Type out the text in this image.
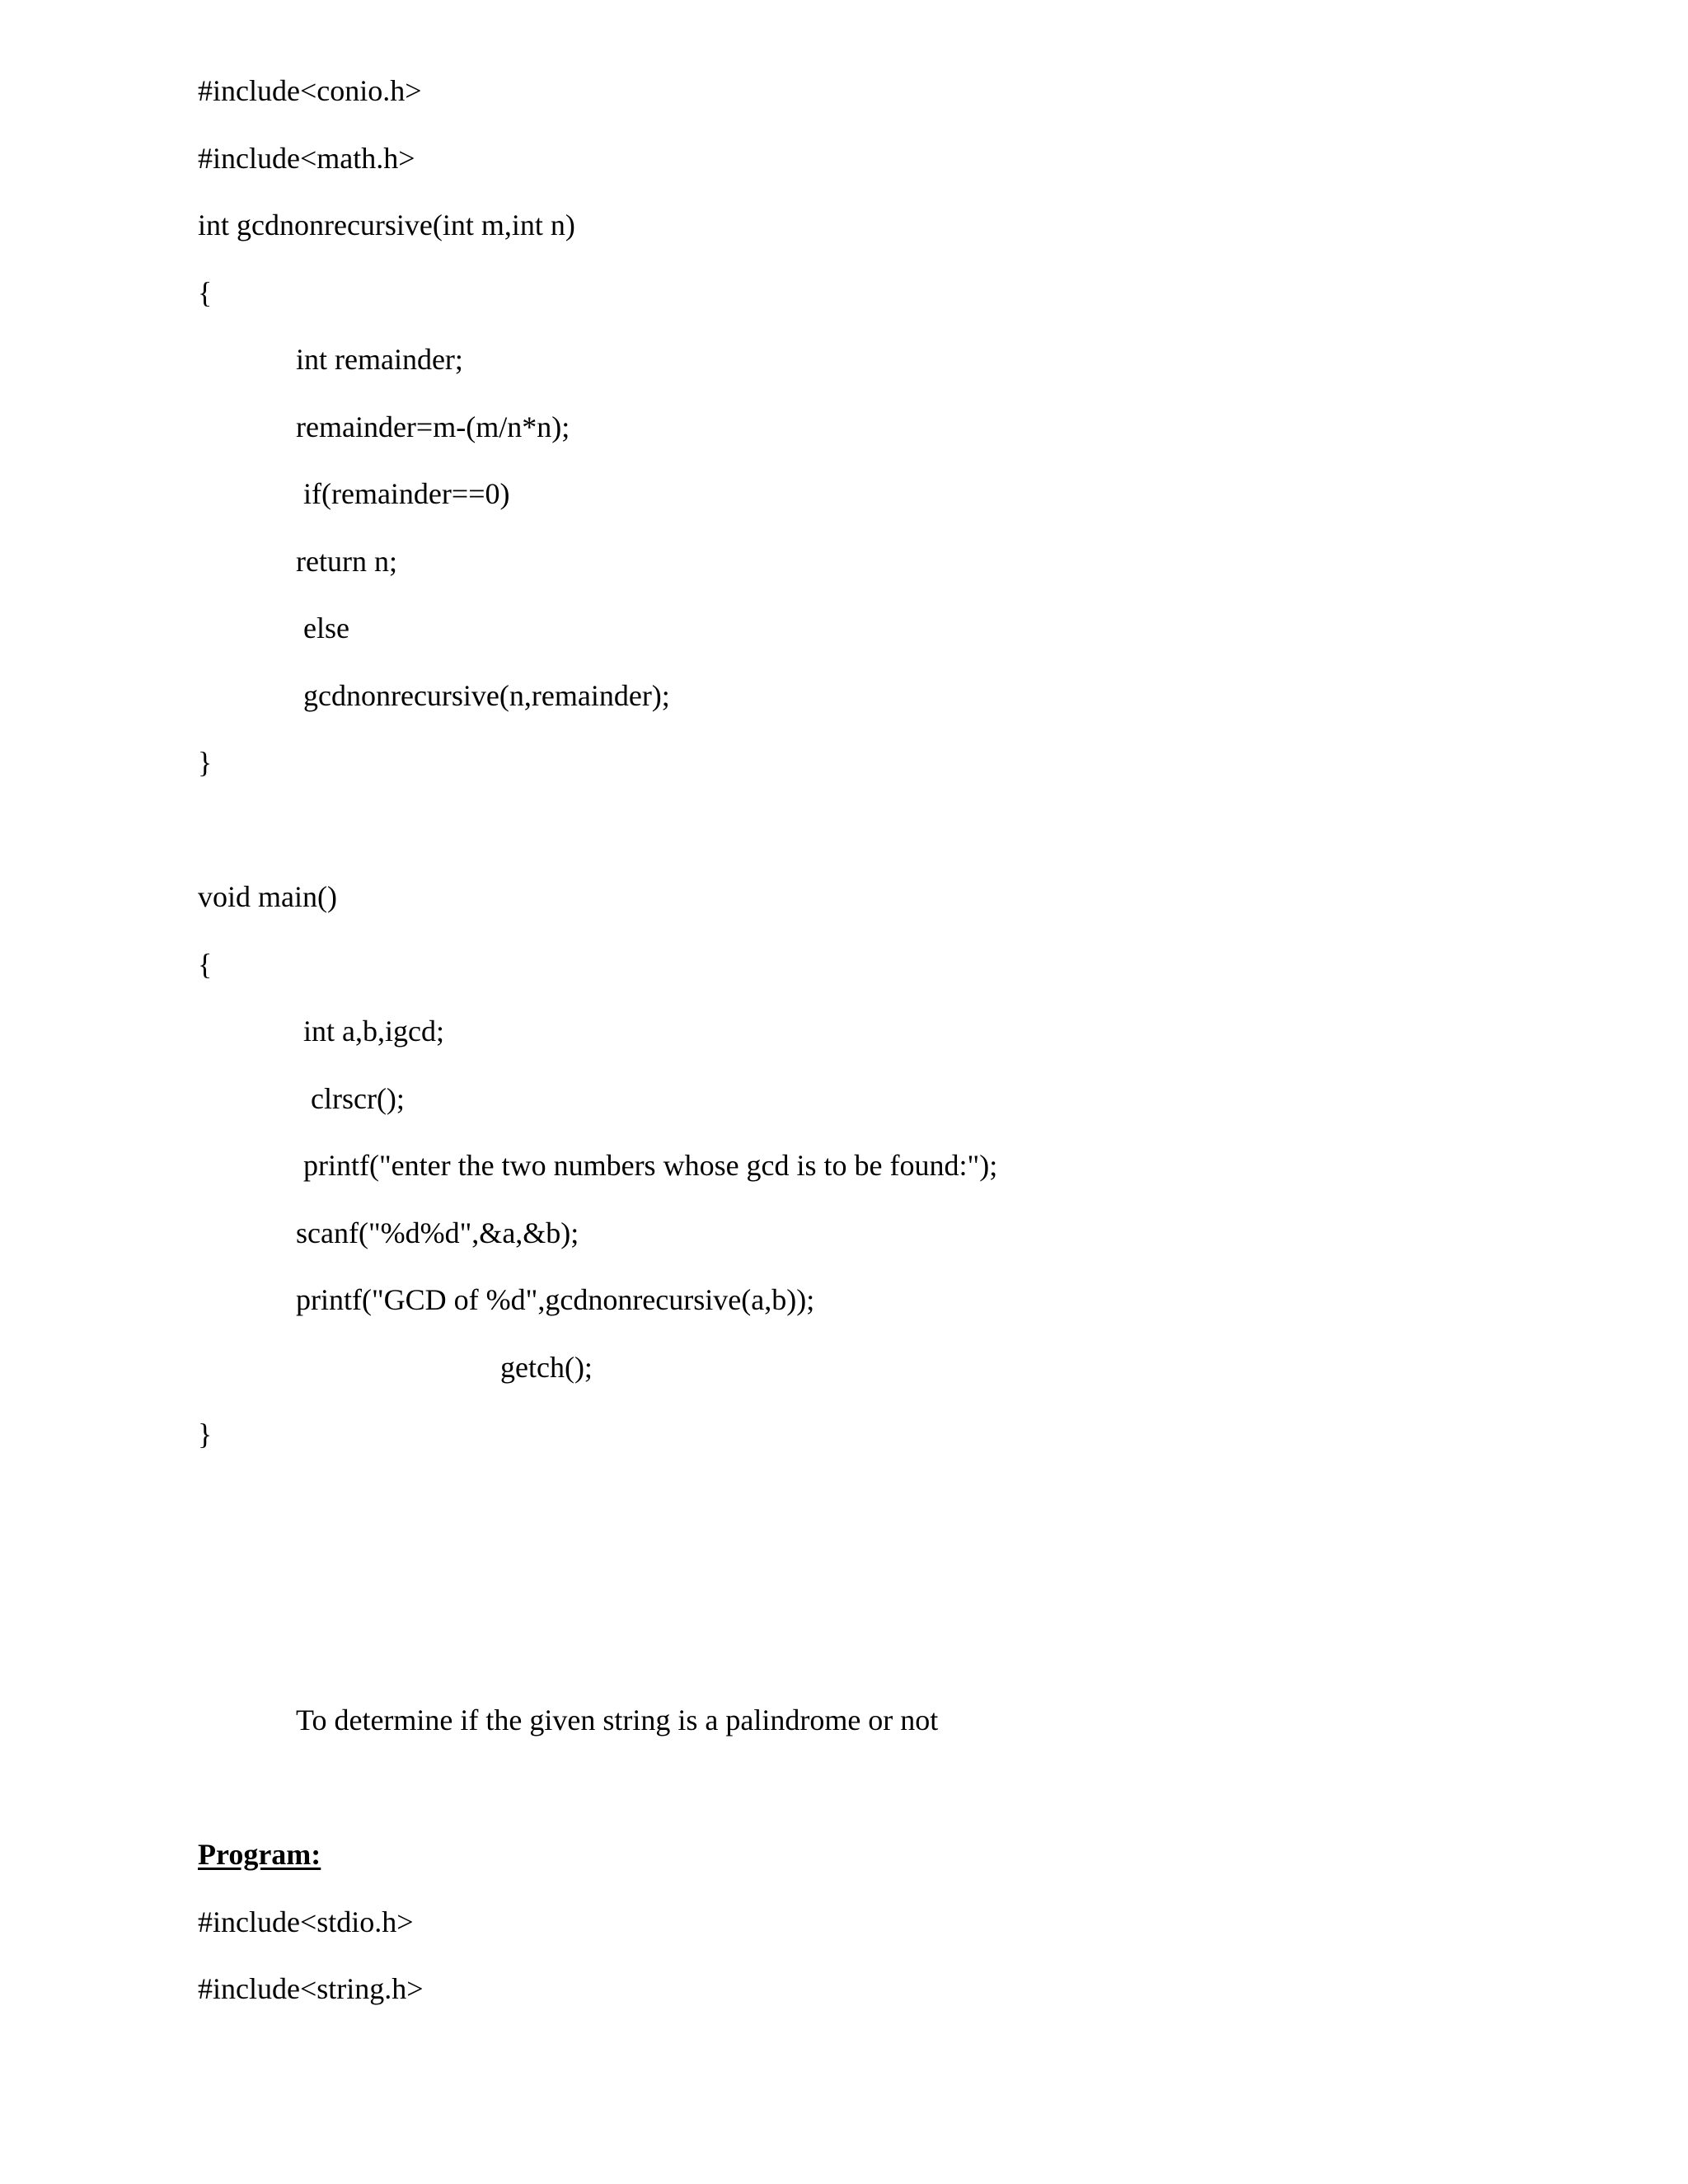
#include<conio.h>
#include<math.h>
int gcdnonrecursive(int m,int n)
{
int remainder;
remainder=m-(m/n*n);
if(remainder==0)
return n;
else
gcdnonrecursive(n,remainder);
}
void main()
{
int a,b,igcd;
clrscr();
printf("enter the two numbers whose gcd is to be found:");
scanf("%d%d",&a,&b);
printf("GCD of %d",gcdnonrecursive(a,b));
getch();
}
To determine if the given string is a palindrome or not
Program:
#include<stdio.h>
#include<string.h>
